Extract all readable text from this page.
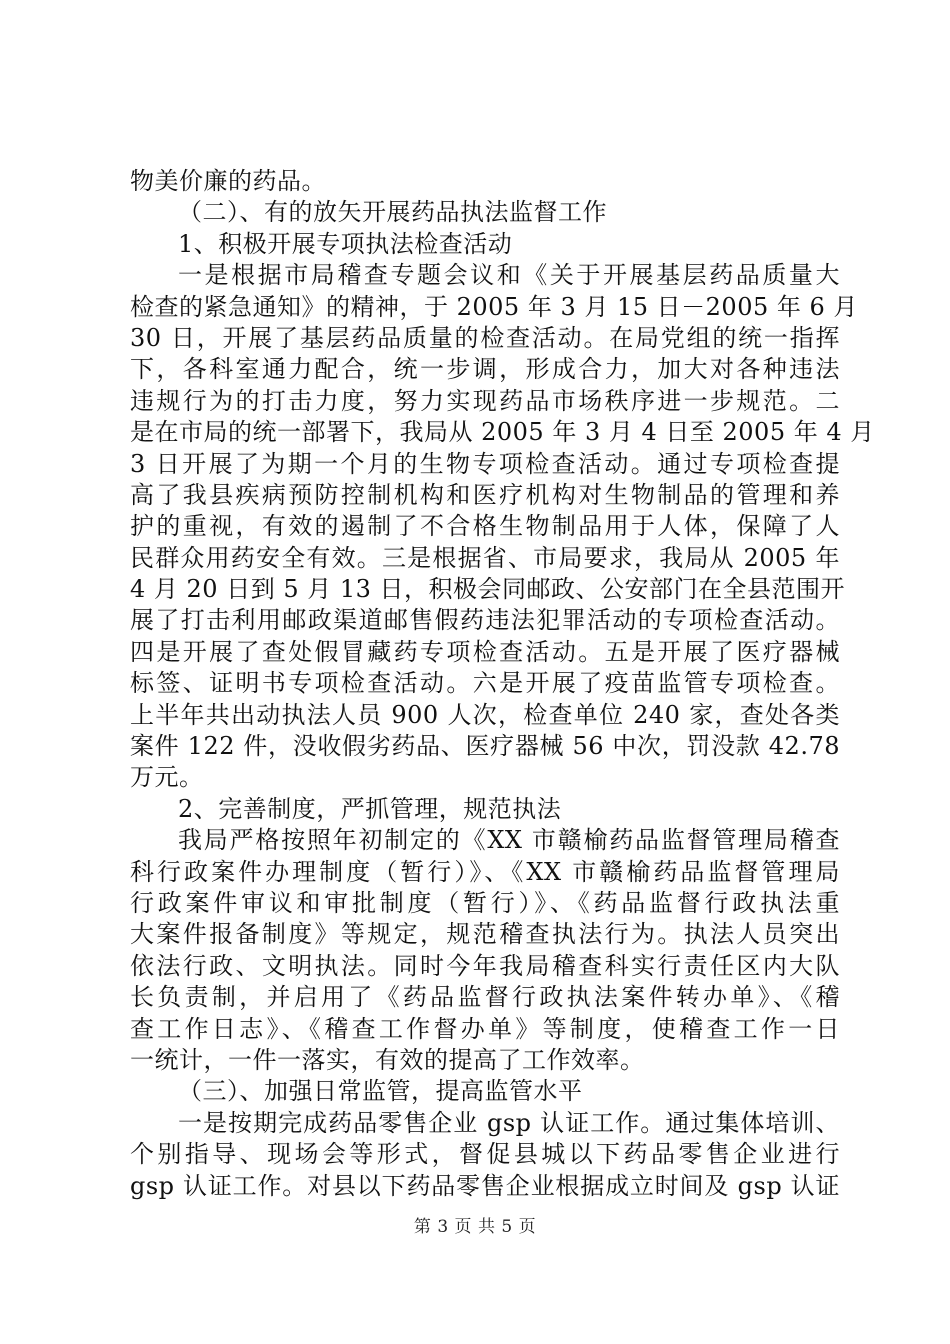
物美价廉的药品。
（二）、有的放矢开展药品执法监督工作
1、积极开展专项执法检查活动
一是根据市局稽查专题会议和《关于开展基层药品质量大
检查的紧急通知》的精神，于 2005 年 3 月 15 日－2005 年 6 月
30 日，开展了基层药品质量的检查活动。在局党组的统一指挥
下，各科室通力配合，统一步调，形成合力，加大对各种违法
违规行为的打击力度，努力实现药品市场秩序进一步规范。二
是在市局的统一部署下，我局从 2005 年 3 月 4 日至 2005 年 4 月
3 日开展了为期一个月的生物专项检查活动。通过专项检查提
高了我县疾病预防控制机构和医疗机构对生物制品的管理和养
护的重视，有效的遏制了不合格生物制品用于人体，保障了人
民群众用药安全有效。三是根据省、市局要求，我局从 2005 年
4 月 20 日到 5 月 13 日，积极会同邮政、公安部门在全县范围开
展了打击利用邮政渠道邮售假药违法犯罪活动的专项检查活动。
四是开展了查处假冒藏药专项检查活动。五是开展了医疗器械
标签、证明书专项检查活动。六是开展了疫苗监管专项检查。
上半年共出动执法人员 900 人次，检查单位 240 家，查处各类
案件 122 件，没收假劣药品、医疗器械 56 中次，罚没款 42.78
万元。
2、完善制度，严抓管理，规范执法
我局严格按照年初制定的《XX 市赣榆药品监督管理局稽查
科行政案件办理制度（暂行）》、《XX 市赣榆药品监督管理局
行政案件审议和审批制度（暂行）》、《药品监督行政执法重
大案件报备制度》等规定，规范稽查执法行为。执法人员突出
依法行政、文明执法。同时今年我局稽查科实行责任区内大队
长负责制，并启用了《药品监督行政执法案件转办单》、《稽
查工作日志》、《稽查工作督办单》等制度，使稽查工作一日
一统计，一件一落实，有效的提高了工作效率。
（三）、加强日常监管，提高监管水平
一是按期完成药品零售企业 gsp 认证工作。通过集体培训、
个别指导、现场会等形式，督促县城以下药品零售企业进行
gsp 认证工作。对县以下药品零售企业根据成立时间及 gsp 认证
第 3 页 共 5 页
